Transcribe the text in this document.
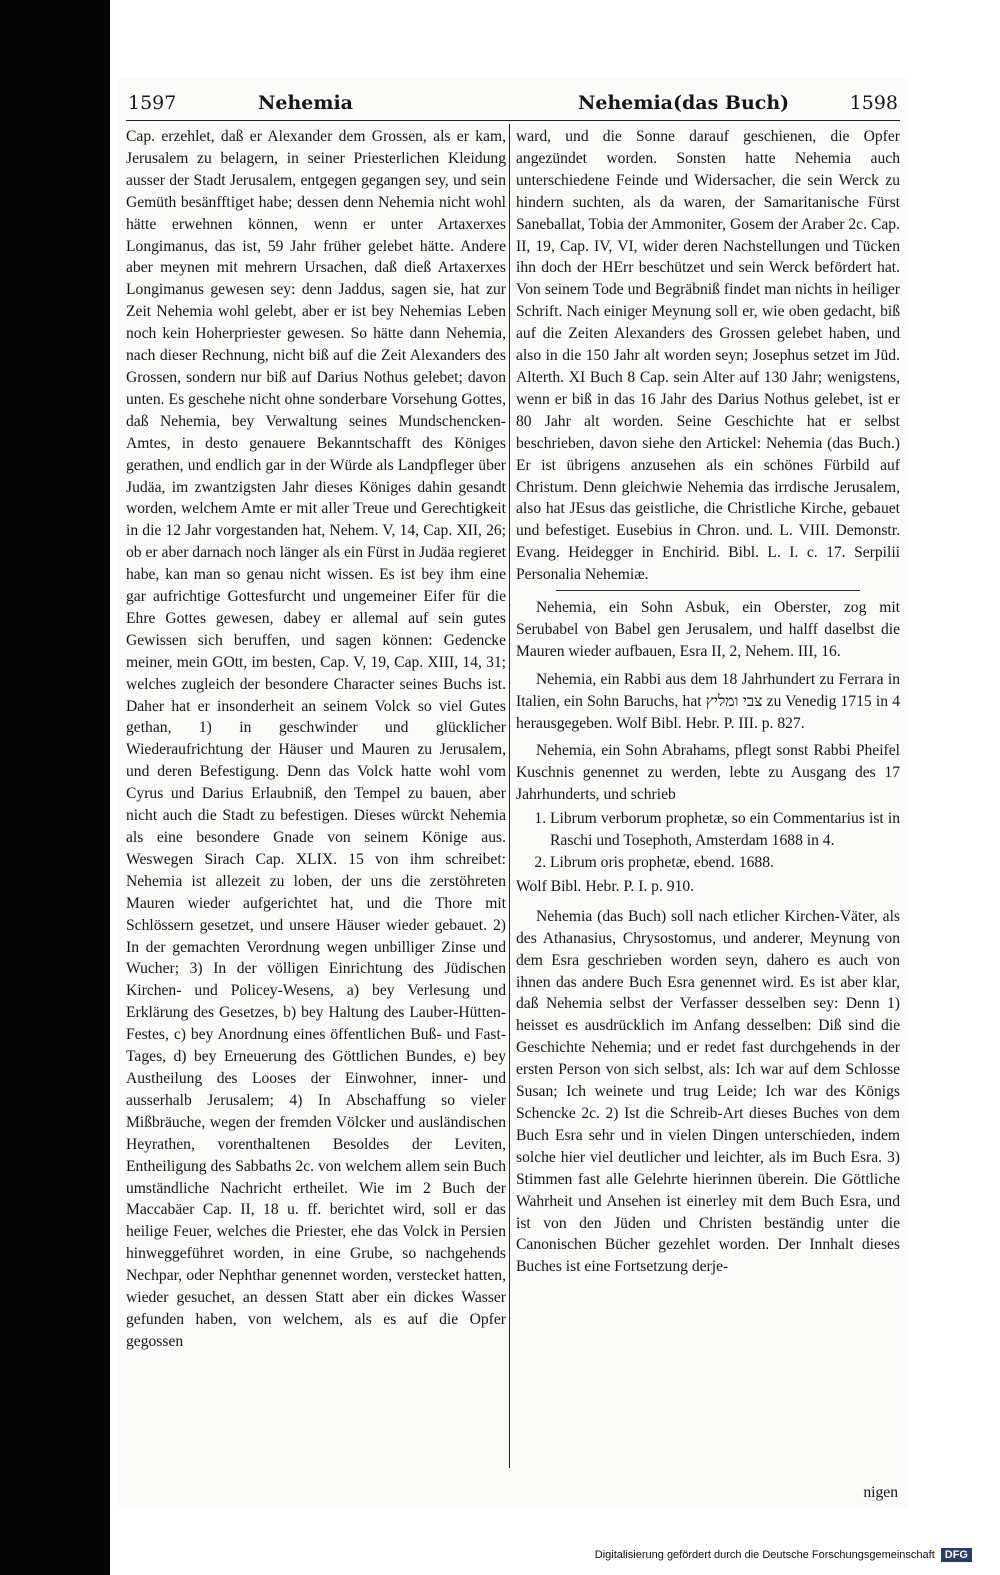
1597	Nehemia	Nehemia(das Buch)	1598

Cap. erzehlet, daß er Alexander dem Grossen, als er kam, Jerusalem zu belagern, in seiner Priesterlichen Kleidung ausser der Stadt Jerusalem, entgegen gegangen sey, und sein Gemüth besänfftiget habe; dessen denn Nehemia nicht wohl hätte erwehnen können, wenn er unter Artaxerxes Longimanus, das ist, 59 Jahr früher gelebet hätte. Andere aber meynen mit mehrern Ursachen, daß dieß Artaxerxes Longimanus gewesen sey: denn Jaddus, sagen sie, hat zur Zeit Nehemia wohl gelebt, aber er ist bey Nehemias Leben noch kein Hoherpriester gewesen. So hätte dann Nehemia, nach dieser Rechnung, nicht biß auf die Zeit Alexanders des Grossen, sondern nur biß auf Darius Nothus gelebet; davon unten. Es geschehe nicht ohne sonderbare Vorsehung Gottes, daß Nehemia, bey Verwaltung seines Mundschencken-Amtes, in desto genauere Bekanntschafft des Königes gerathen, und endlich gar in der Würde als Landpfleger über Judäa, im zwantzigsten Jahr dieses Königes dahin gesandt worden, welchem Amte er mit aller Treue und Gerechtigkeit in die 12 Jahr vorgestanden hat, Nehem. V, 14, Cap. XII, 26; ob er aber darnach noch länger als ein Fürst in Judäa regieret habe, kan man so genau nicht wissen. Es ist bey ihm eine gar aufrichtige Gottesfurcht und ungemeiner Eifer für die Ehre Gottes gewesen, dabey er allemal auf sein gutes Gewissen sich beruffen, und sagen können: Gedencke meiner, mein GOtt, im besten, Cap. V, 19, Cap. XIII, 14, 31; welches zugleich der besondere Character seines Buchs ist. Daher hat er insonderheit an seinem Volck so viel Gutes gethan, 1) in geschwinder und glücklicher Wiederaufrichtung der Häuser und Mauren zu Jerusalem, und deren Befestigung. Denn das Volck hatte wohl vom Cyrus und Darius Erlaubniß, den Tempel zu bauen, aber nicht auch die Stadt zu befestigen. Dieses würckt Nehemia als eine besondere Gnade von seinem Könige aus. Weswegen Sirach Cap. XLIX. 15 von ihm schreibet: Nehemia ist allezeit zu loben, der uns die zerstöhreten Mauren wieder aufgerichtet hat, und die Thore mit Schlössern gesetzet, und unsere Häuser wieder gebauet. 2) In der gemachten Verordnung wegen unbilliger Zinse und Wucher; 3) In der völligen Einrichtung des Jüdischen Kirchen- und Policey-Wesens, a) bey Verlesung und Erklärung des Gesetzes, b) bey Haltung des Lauber-Hütten-Festes, c) bey Anordnung eines öffentlichen Buß- und Fast-Tages, d) bey Erneuerung des Göttlichen Bundes, e) bey Austheilung des Looses der Einwohner, inner- und ausserhalb Jerusalem; 4) In Abschaffung so vieler Mißbräuche, wegen der fremden Völcker und ausländischen Heyrathen, vorenthaltenen Besoldes der Leviten, Entheiligung des Sabbaths 2c. von welchem allem sein Buch umständliche Nachricht ertheilet. Wie im 2 Buch der Maccabäer Cap. II, 18 u. ff. berichtet wird, soll er das heilige Feuer, welches die Priester, ehe das Volck in Persien hinweggeführet worden, in eine Grube, so nachgehends Nechpar, oder Nephthar genennet worden, verstecket hatten, wieder gesuchet, an dessen Statt aber ein dickes Wasser gefunden haben, von welchem, als es auf die Opfer gegossen

ward, und die Sonne darauf geschienen, die Opfer angezündet worden. Sonsten hatte Nehemia auch unterschiedene Feinde und Widersacher, die sein Werck zu hindern suchten, als da waren, der Samaritanische Fürst Saneballat, Tobia der Ammoniter, Gosem der Araber 2c. Cap. II, 19, Cap. IV, VI, wider deren Nachstellungen und Tücken ihn doch der HErr beschützet und sein Werck befördert hat. Von seinem Tode und Begräbniß findet man nichts in heiliger Schrift. Nach einiger Meynung soll er, wie oben gedacht, biß auf die Zeiten Alexanders des Grossen gelebet haben, und also in die 150 Jahr alt worden seyn; Josephus setzet im Jüd. Alterth. XI Buch 8 Cap. sein Alter auf 130 Jahr; wenigstens, wenn er biß in das 16 Jahr des Darius Nothus gelebet, ist er 80 Jahr alt worden. Seine Geschichte hat er selbst beschrieben, davon siehe den Artickel: Nehemia (das Buch.) Er ist übrigens anzusehen als ein schönes Fürbild auf Christum. Denn gleichwie Nehemia das irrdische Jerusalem, also hat JEsus das geistliche, die Christliche Kirche, gebauet und befestiget. Eusebius in Chron. und. L. VIII. Demonstr. Evang. Heidegger in Enchirid. Bibl. L. I. c. 17. Serpilii Personalia Nehemiæ.

Nehemia, ein Sohn Asbuk, ein Oberster, zog mit Serubabel von Babel gen Jerusalem, und halff daselbst die Mauren wieder aufbauen, Esra II, 2, Nehem. III, 16.

Nehemia, ein Rabbi aus dem 18 Jahrhundert zu Ferrara in Italien, ein Sohn Baruchs, hat צבי ומליץ zu Venedig 1715 in 4 herausgegeben. Wolf Bibl. Hebr. P. III. p. 827.

Nehemia, ein Sohn Abrahams, pflegt sonst Rabbi Pheifel Kuschnis genennet zu werden, lebte zu Ausgang des 17 Jahrhunderts, und schrieb

1. Librum verborum prophetæ, so ein Commentarius ist in Raschi und Tosephoth, Amsterdam 1688 in 4.
2. Librum oris prophetæ, ebend. 1688.

Wolf Bibl. Hebr. P. I. p. 910.

Nehemia (das Buch) soll nach etlicher Kirchen-Väter, als des Athanasius, Chrysostomus, und anderer, Meynung von dem Esra geschrieben worden seyn, dahero es auch von ihnen das andere Buch Esra genennet wird. Es ist aber klar, daß Nehemia selbst der Verfasser desselben sey: Denn 1) heisset es ausdrücklich im Anfang desselben: Diß sind die Geschichte Nehemia; und er redet fast durchgehends in der ersten Person von sich selbst, als: Ich war auf dem Schlosse Susan; Ich weinete und trug Leide; Ich war des Königs Schencke 2c. 2) Ist die Schreib-Art dieses Buches von dem Buch Esra sehr und in vielen Dingen unterschieden, indem solche hier viel deutlicher und leichter, als im Buch Esra. 3) Stimmen fast alle Gelehrte hierinnen überein. Die Göttliche Wahrheit und Ansehen ist einerley mit dem Buch Esra, und ist von den Jüden und Christen beständig unter die Canonischen Bücher gezehlet worden. Der Innhalt dieses Buches ist eine Fortsetzung derje-

nigen
Digitalisierung gefördert durch die Deutsche Forschungsgemeinschaft DFG
